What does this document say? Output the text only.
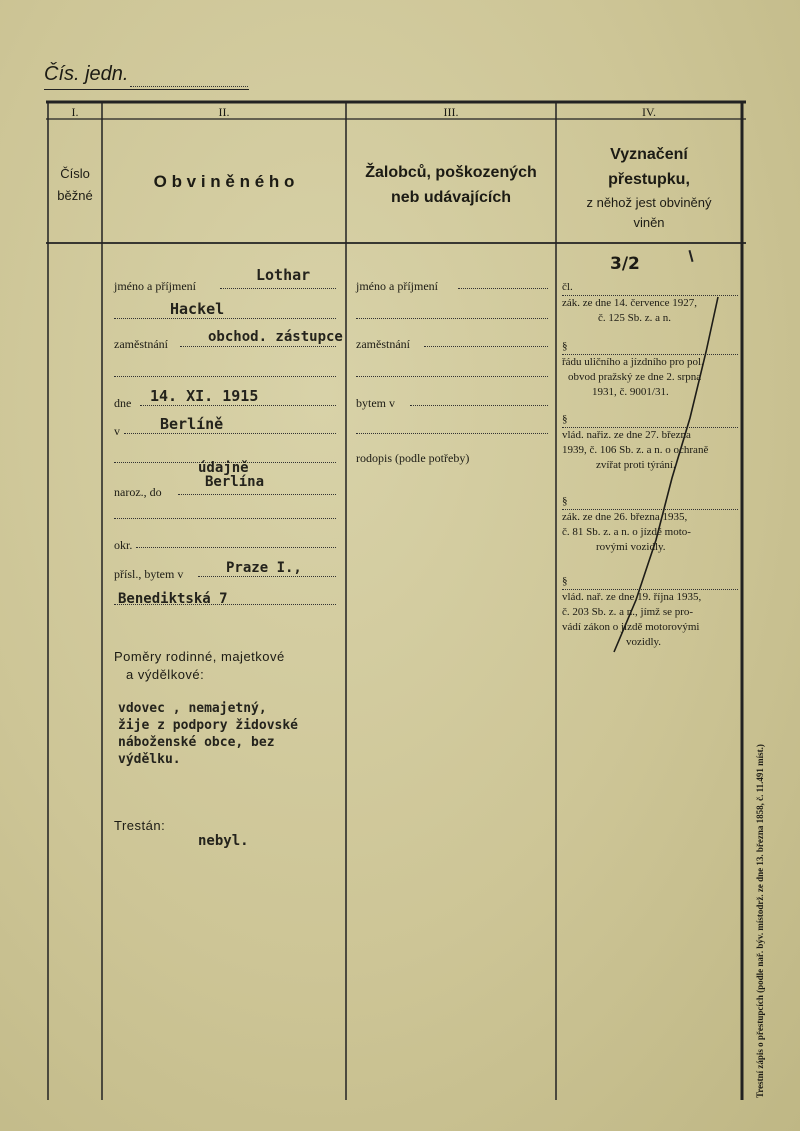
Čís. jedn.
I.	II.	III.	IV.
Číslo
běžné
O b v i n ě n é h o	Žalobců, poškozených
neb udávajících
Vyznačení
přestupku,
z něhož jest obviněný
viněn
jméno a příjmení
Lothar
Hackel
zaměstnání	obchod. zástupce
dne 14. XI. 1915
v	Berlíně
údajně
naroz., do
Berlína
okr.
přísl., bytem v	Praze I.,
Benediktská 7
Poměry rodinné, majetkové
a výdělkové:
vdovec , nemajetný,
žije z podpory židovské
náboženské obce, bez
výdělku.
Trestán:
nebyl.
jméno a příjmení
zaměstnání
bytem v
rodopis (podle potřeby)
3/2
čl.
zák. ze dne 14. července 1927,
č. 125 Sb. z. a n.
§
řádu uličního a jízdního pro pol.
obvod pražský ze dne 2. srpna
1931, č. 9001/31.
§
vlád. nařiz. ze dne 27. března
1939, č. 106 Sb. z. a n. o ochraně
zvířat proti týrání.
§
zák. ze dne 26. března 1935,
č. 81 Sb. z. a n. o jízdě moto-
rovými vozidly.
§
vlád. nař. ze dne 19. října 1935,
č. 203 Sb. z. a n., jímž se pro-
vádí zákon o jízdě motorovými
vozidly.
Trestní zápis o přestupcích (podle nař. býv. místodrž. ze dne 13. března 1858, č. 11.491 míst.)
